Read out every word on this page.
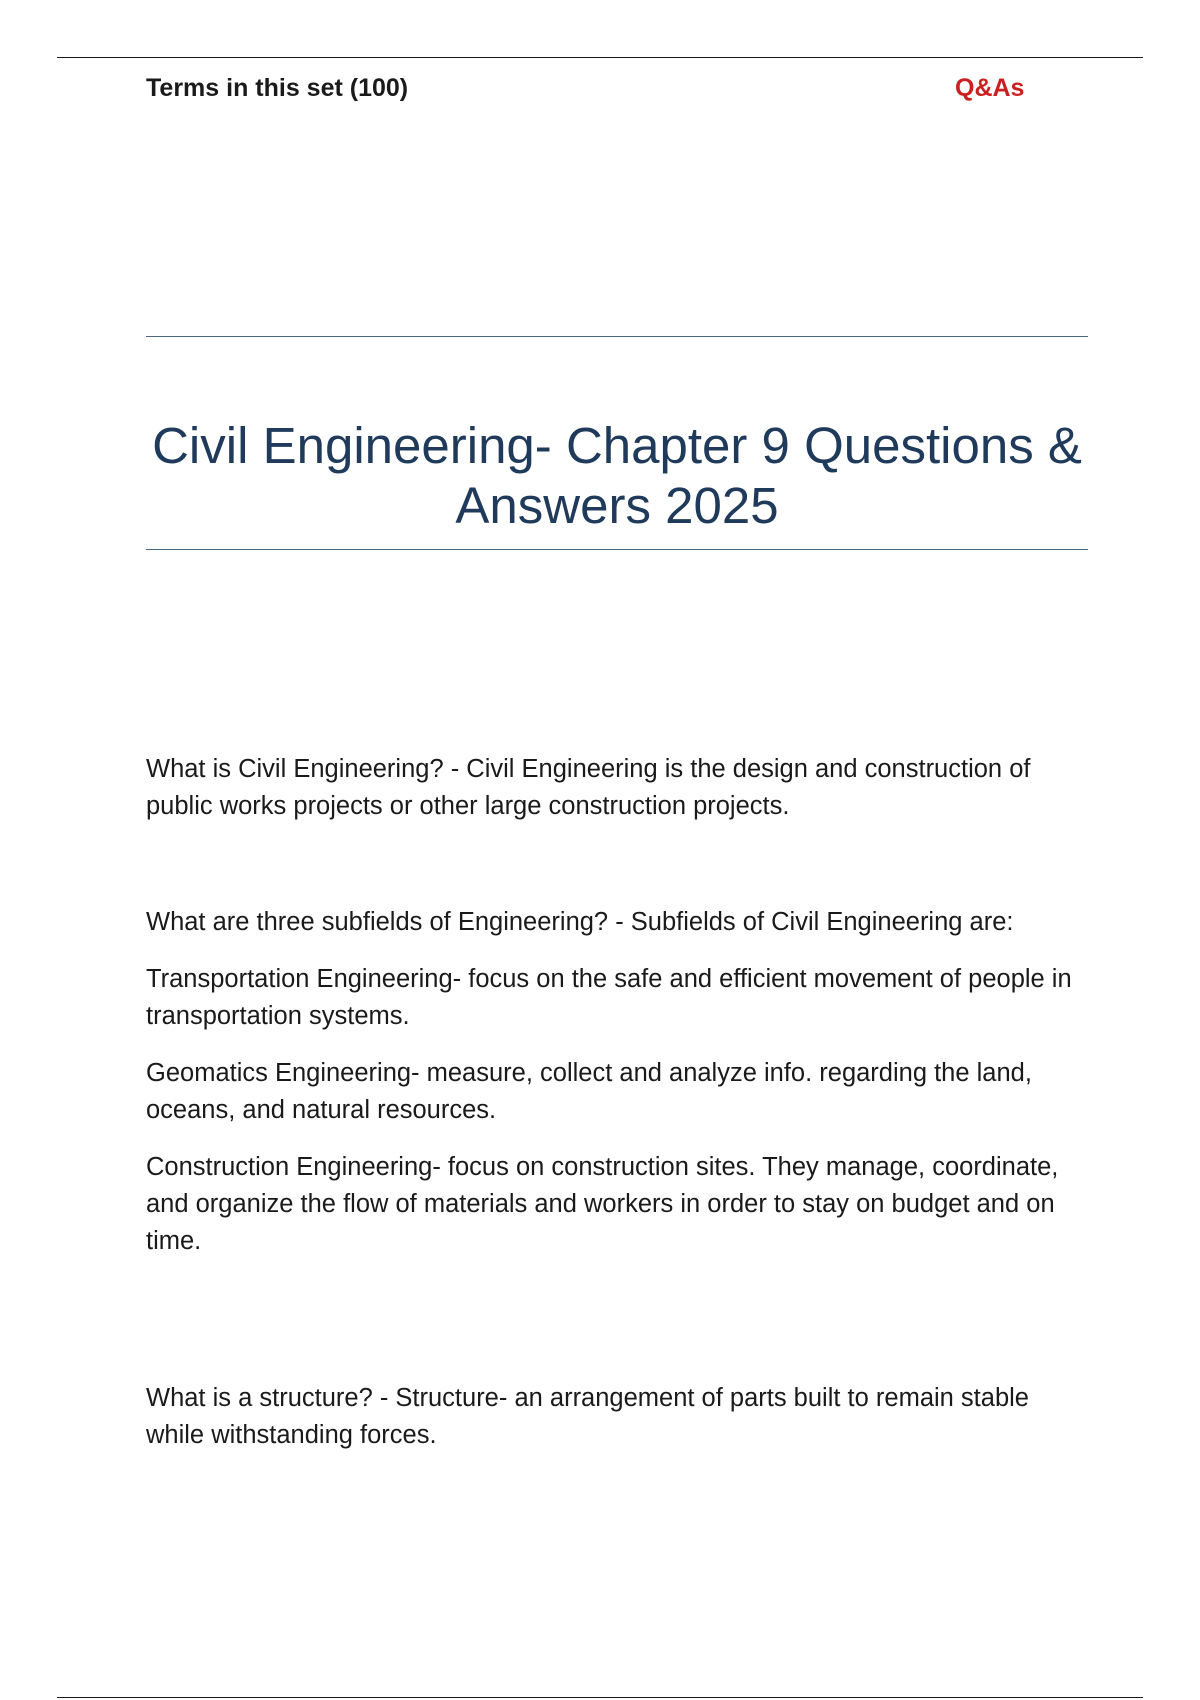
Terms in this set (100)	Q&As
Civil Engineering- Chapter 9 Questions & Answers 2025

What is Civil Engineering? - Civil Engineering is the design and construction of public works projects or other large construction projects.

What are three subfields of Engineering? - Subfields of Civil Engineering are:

Transportation Engineering- focus on the safe and efficient movement of people in transportation systems.

Geomatics Engineering- measure, collect and analyze info. regarding the land, oceans, and natural resources.

Construction Engineering- focus on construction sites. They manage, coordinate, and organize the flow of materials and workers in order to stay on budget and on time.

What is a structure? - Structure- an arrangement of parts built to remain stable while withstanding forces.
